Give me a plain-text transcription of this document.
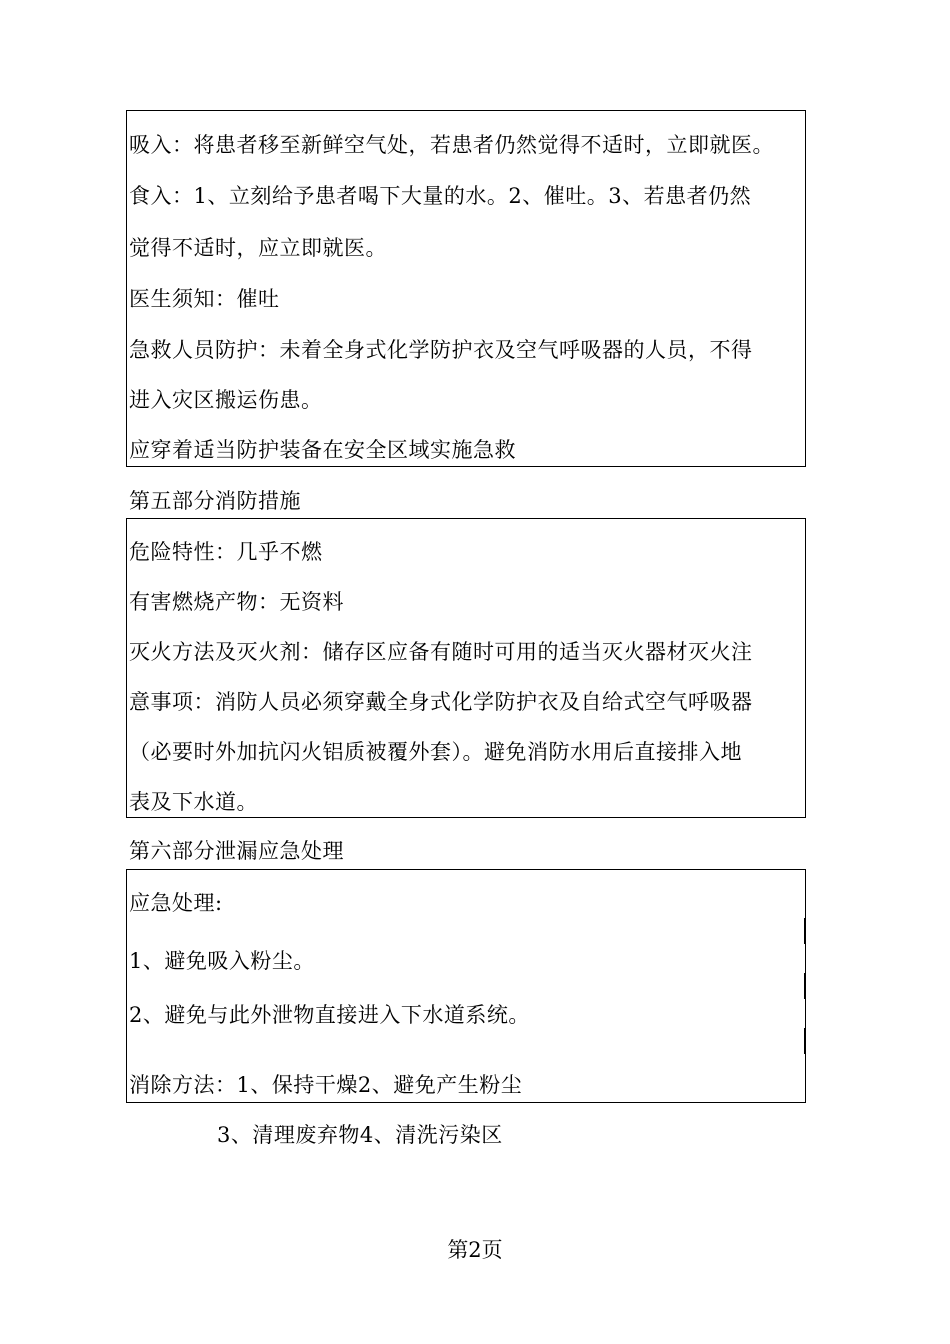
吸入：将患者移至新鲜空气处，若患者仍然觉得不适时，立即就医。
食入：1、立刻给予患者喝下大量的水。2、催吐。3、若患者仍然
觉得不适时，应立即就医。
医生须知：催吐
急救人员防护：未着全身式化学防护衣及空气呼吸器的人员，不得
进入灾区搬运伤患。
应穿着适当防护装备在安全区域实施急救
第五部分消防措施
危险特性：几乎不燃
有害燃烧产物：无资料
灭火方法及灭火剂：储存区应备有随时可用的适当灭火器材灭火注
意事项：消防人员必须穿戴全身式化学防护衣及自给式空气呼吸器
（必要时外加抗闪火铝质被覆外套）。避免消防水用后直接排入地
表及下水道。
第六部分泄漏应急处理
应急处理:
1、避免吸入粉尘。
2、避免与此外泄物直接进入下水道系统。
消除方法：1、保持干燥2、避免产生粉尘
3、清理废弃物4、清洗污染区
第2页
